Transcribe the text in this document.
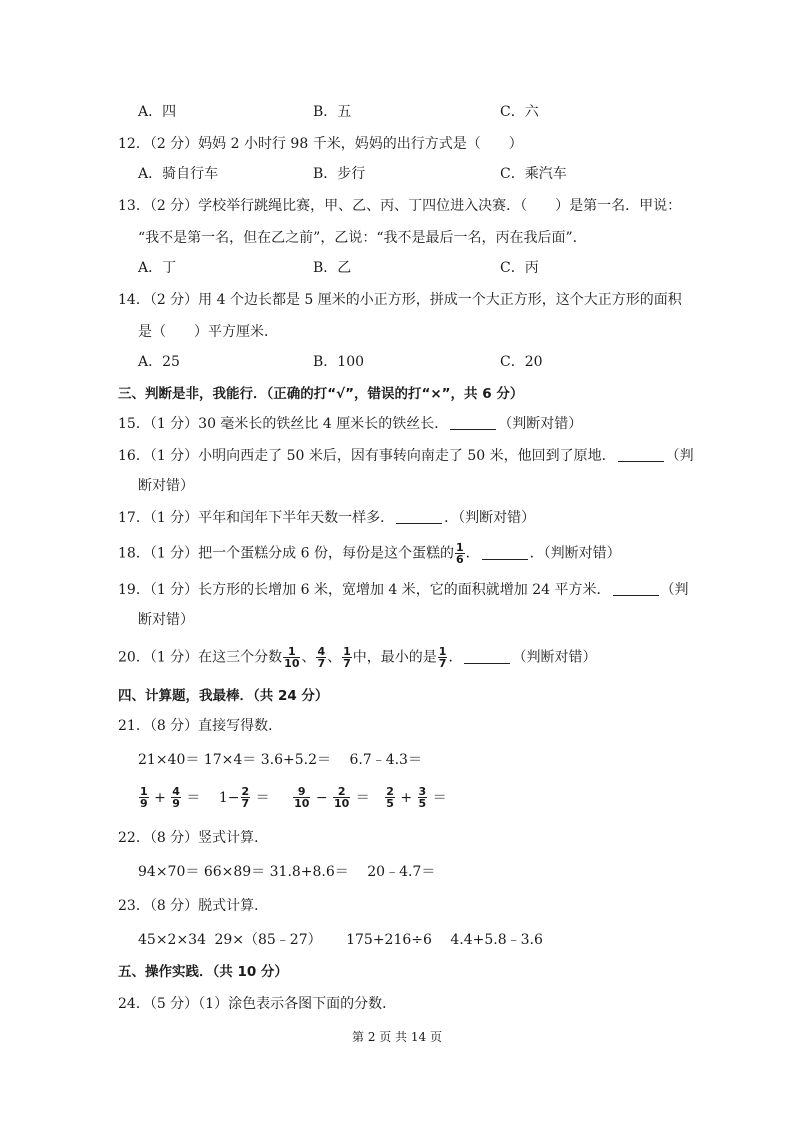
A．四	B．五	C．六
12．（2 分）妈妈 2 小时行 98 千米，妈妈的出行方式是（　　）
A．骑自行车	B．步行	C．乘汽车
13．（2 分）学校举行跳绳比赛，甲、乙、丙、丁四位进入决赛．（　　）是第一名．甲说：
“我不是第一名，但在乙之前”，乙说：“我不是最后一名，丙在我后面”．
A．丁	B．乙	C．丙
14．（2 分）用 4 个边长都是 5 厘米的小正方形，拼成一个大正方形，这个大正方形的面积
是（　　）平方厘米．
A．25	B．100	C．20
三、判断是非，我能行．（正确的打“√”，错误的打“×”，共 6 分）
15．（1 分）30 毫米长的铁丝比 4 厘米长的铁丝长．	（判断对错）
16．（1 分）小明向西走了 50 米后，因有事转向南走了 50 米，他回到了原地．	（判
断对错）
17．（1 分）平年和闰年下半年天数一样多．	．（判断对错）
18．（1 分）把一个蛋糕分成 6 份，每份是这个蛋糕的 $\frac{1}{6}$ ．	．（判断对错）
19．（1 分）长方形的长增加 6 米，宽增加 4 米，它的面积就增加 24 平方米．	（判
断对错）
20．（1 分）在这三个分数 $\frac{1}{10}$ 、 $\frac{4}{7}$ 、 $\frac{1}{7}$ 中，最小的是 $\frac{1}{7}$ ．	（判断对错）
四、计算题，我最棒．（共 24 分）
21．（8 分）直接写得数．
21×40＝ 17×4＝ 3.6+5.2＝ 6.7﹣4.3＝
$\frac{1}{9} + \frac{4}{9} = 1- \frac{2}{7} = \frac{9}{10} - \frac{2}{10} = \frac{2}{5} + \frac{3}{5}$ ＝
22．（8 分）竖式计算．
94×70＝ 66×89＝ 31.8+8.6＝ 20﹣4.7＝
23．（8 分）脱式计算．
45×2×34 29×（85﹣27） 175+216÷6 4.4+5.8﹣3.6
五、操作实践．（共 10 分）
24．（5 分）（1）涂色表示各图下面的分数．
第 2 页 共 14 页
